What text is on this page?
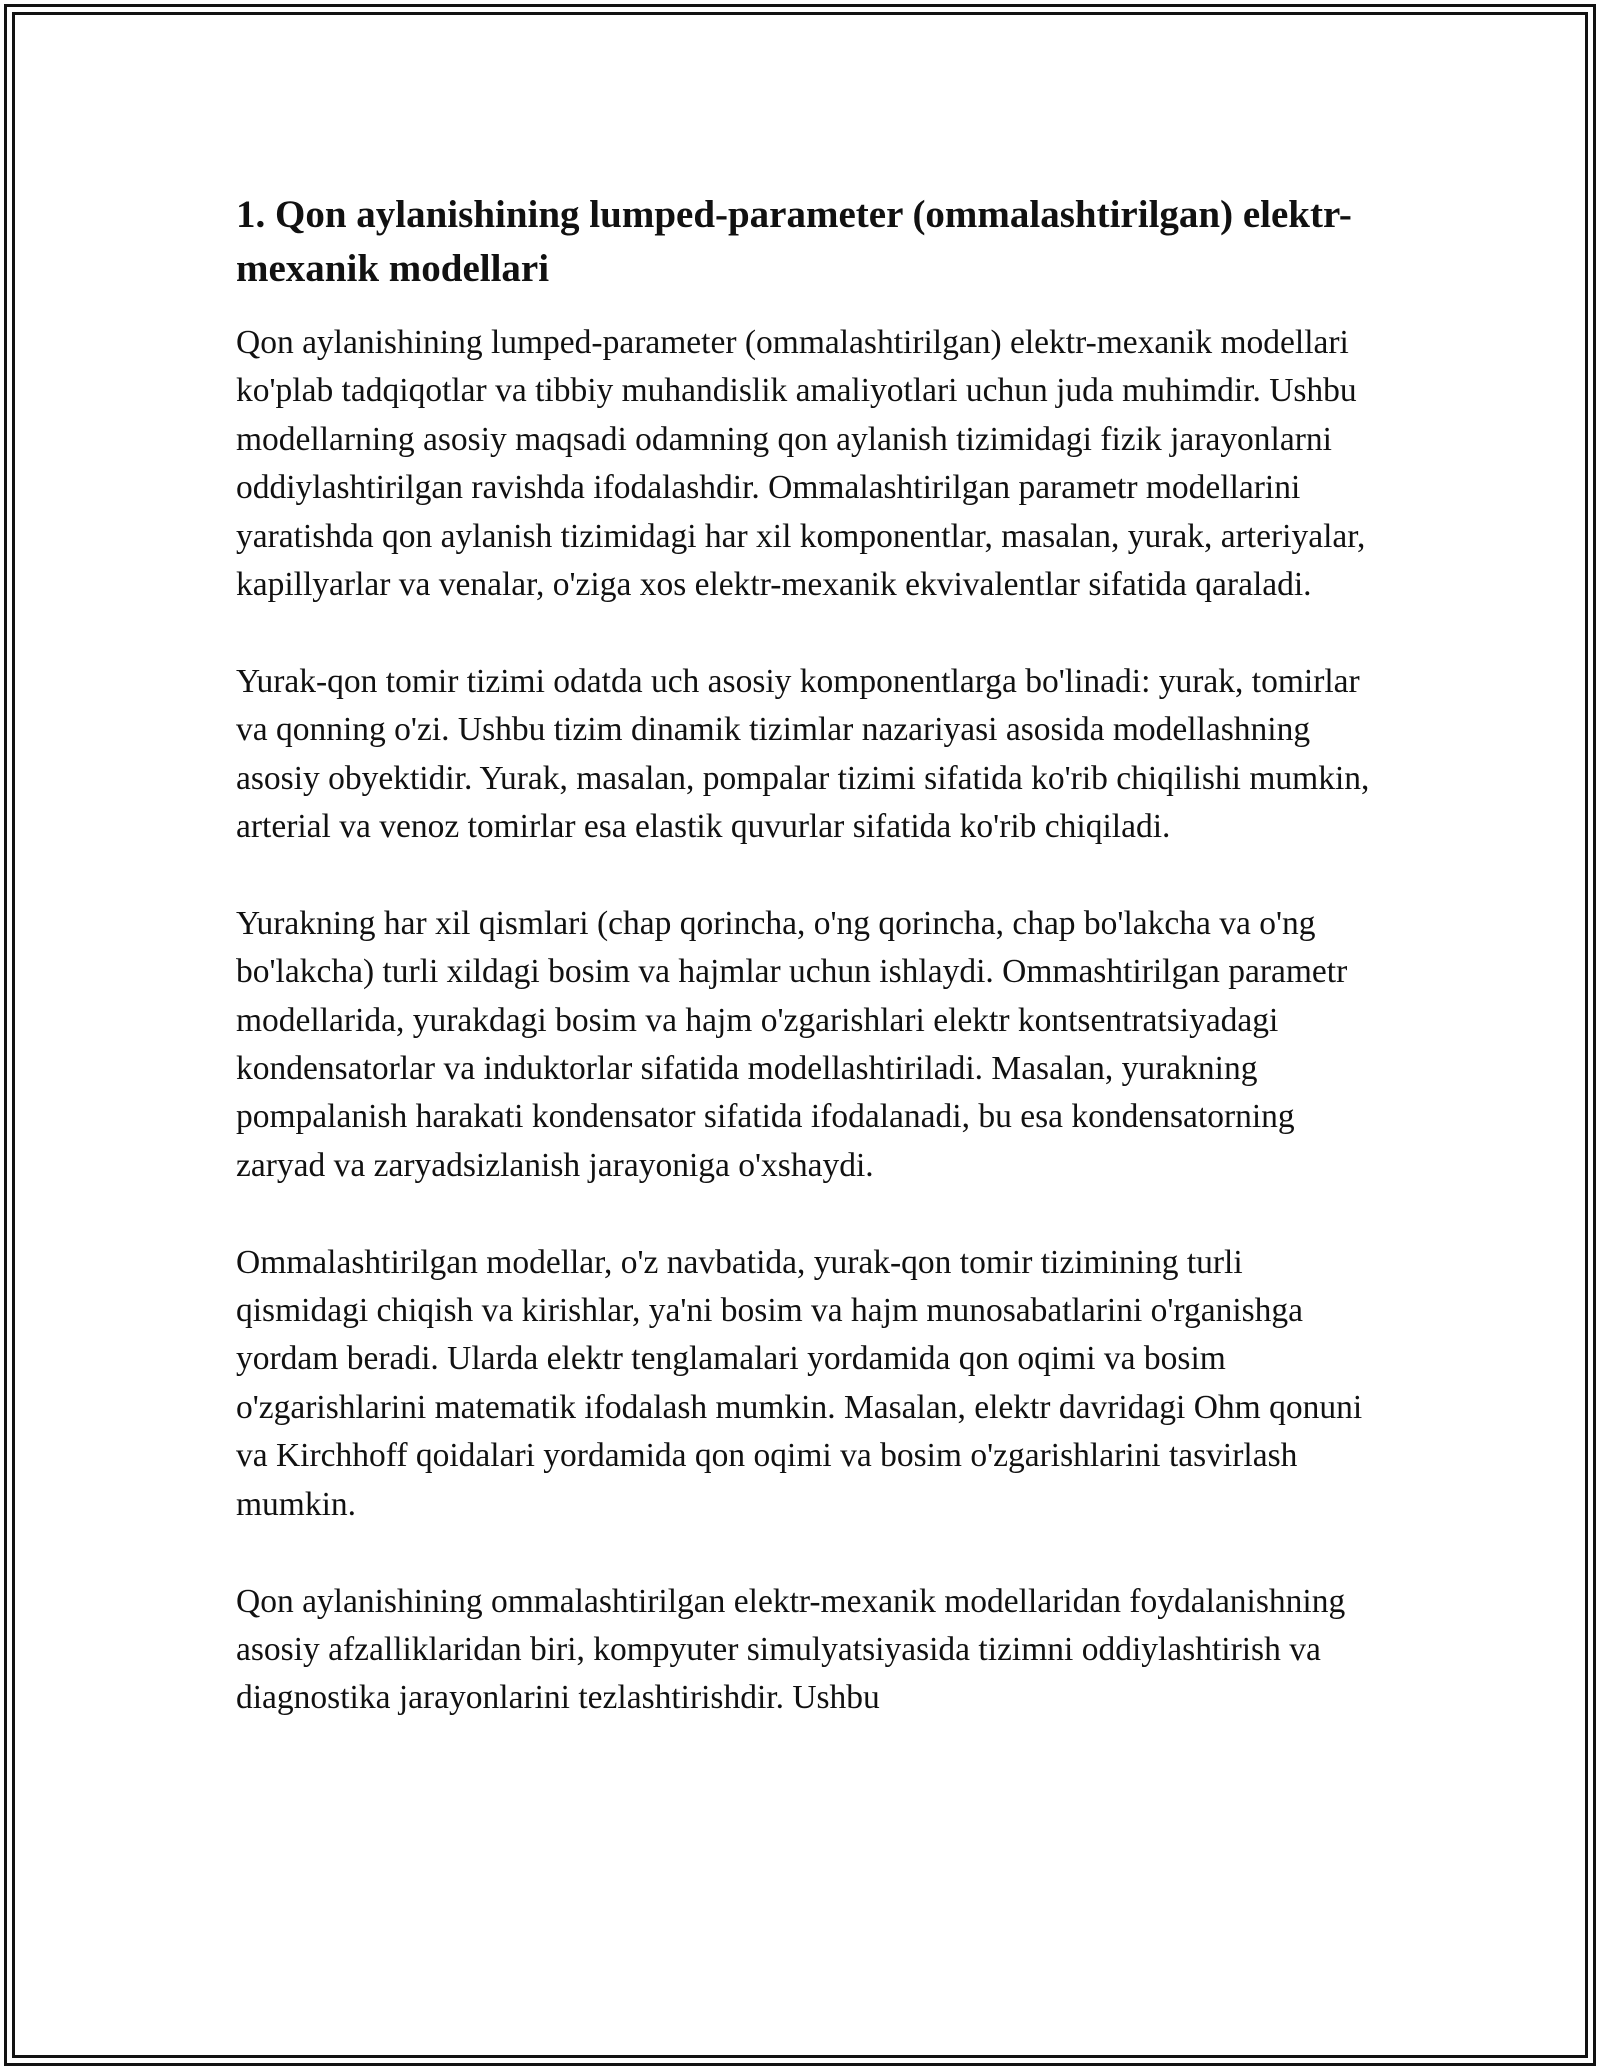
1. Qon aylanishining lumped-parameter (ommalashtirilgan) elektr-mexanik modellari

Qon aylanishining lumped-parameter (ommalashtirilgan) elektr-mexanik modellari ko'plab tadqiqotlar va tibbiy muhandislik amaliyotlari uchun juda muhimdir. Ushbu modellarning asosiy maqsadi odamning qon aylanish tizimidagi fizik jarayonlarni oddiylashtirilgan ravishda ifodalashdir. Ommalashtirilgan parametr modellarini yaratishda qon aylanish tizimidagi har xil komponentlar, masalan, yurak, arteriyalar, kapillyarlar va venalar, o'ziga xos elektr-mexanik ekvivalentlar sifatida qaraladi.

Yurak-qon tomir tizimi odatda uch asosiy komponentlarga bo'linadi: yurak, tomirlar va qonning o'zi. Ushbu tizim dinamik tizimlar nazariyasi asosida modellashning asosiy obyektidir. Yurak, masalan, pompalar tizimi sifatida ko'rib chiqilishi mumkin, arterial va venoz tomirlar esa elastik quvurlar sifatida ko'rib chiqiladi.

Yurakning har xil qismlari (chap qorincha, o'ng qorincha, chap bo'lakcha va o'ng bo'lakcha) turli xildagi bosim va hajmlar uchun ishlaydi. Ommashtirilgan parametr modellarida, yurakdagi bosim va hajm o'zgarishlari elektr kontsentratsiyadagi kondensatorlar va induktorlar sifatida modellashtiriladi. Masalan, yurakning pompalanish harakati kondensator sifatida ifodalanadi, bu esa kondensatorning zaryad va zaryadsizlanish jarayoniga o'xshaydi.

Ommalashtirilgan modellar, o'z navbatida, yurak-qon tomir tizimining turli qismidagi chiqish va kirishlar, ya'ni bosim va hajm munosabatlarini o'rganishga yordam beradi. Ularda elektr tenglamalari yordamida qon oqimi va bosim o'zgarishlarini matematik ifodalash mumkin. Masalan, elektr davridagi Ohm qonuni va Kirchhoff qoidalari yordamida qon oqimi va bosim o'zgarishlarini tasvirlash mumkin.

Qon aylanishining ommalashtirilgan elektr-mexanik modellaridan foydalanishning asosiy afzalliklaridan biri, kompyuter simulyatsiyasida tizimni oddiylashtirish va diagnostika jarayonlarini tezlashtirishdir. Ushbu
